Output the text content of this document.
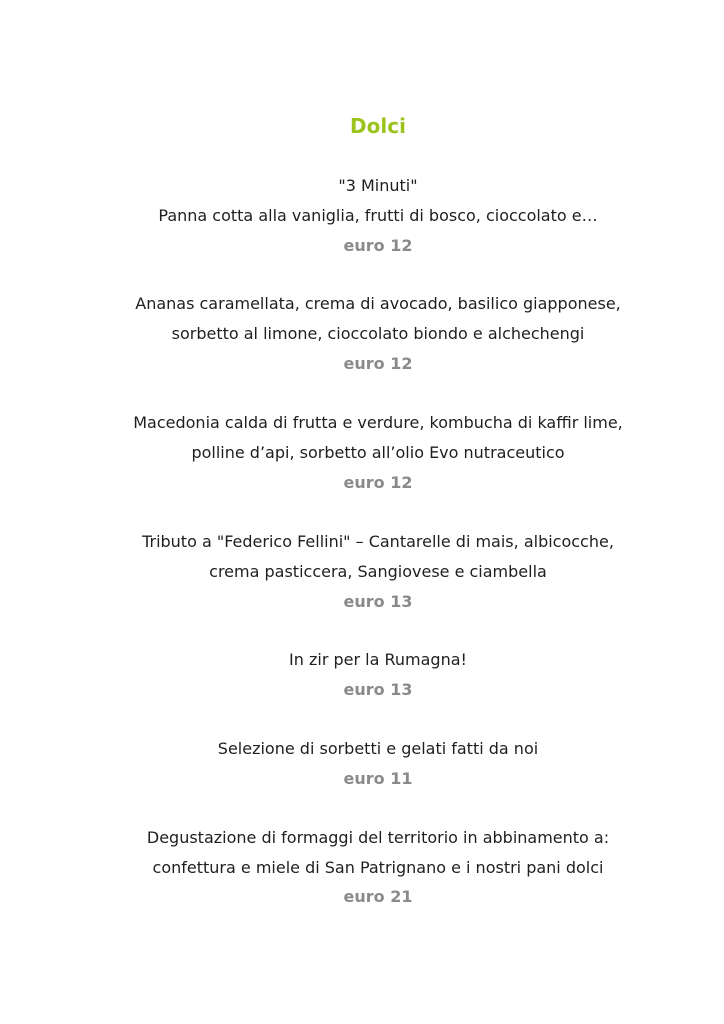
Dolci
"3 Minuti"
Panna cotta alla vaniglia, frutti di bosco, cioccolato e…
euro 12
Ananas caramellata, crema di avocado, basilico giapponese,
sorbetto al limone, cioccolato biondo e alchechengi
euro 12
Macedonia calda di frutta e verdure, kombucha di kaffir lime,
polline d’api, sorbetto all’olio Evo nutraceutico
euro 12
Tributo a "Federico Fellini" – Cantarelle di mais, albicocche,
crema pasticcera, Sangiovese e ciambella
euro 13
In zir per la Rumagna!
euro 13
Selezione di sorbetti e gelati fatti da noi
euro 11
Degustazione di formaggi del territorio in abbinamento a:
confettura e miele di San Patrignano e i nostri pani dolci
euro 21
